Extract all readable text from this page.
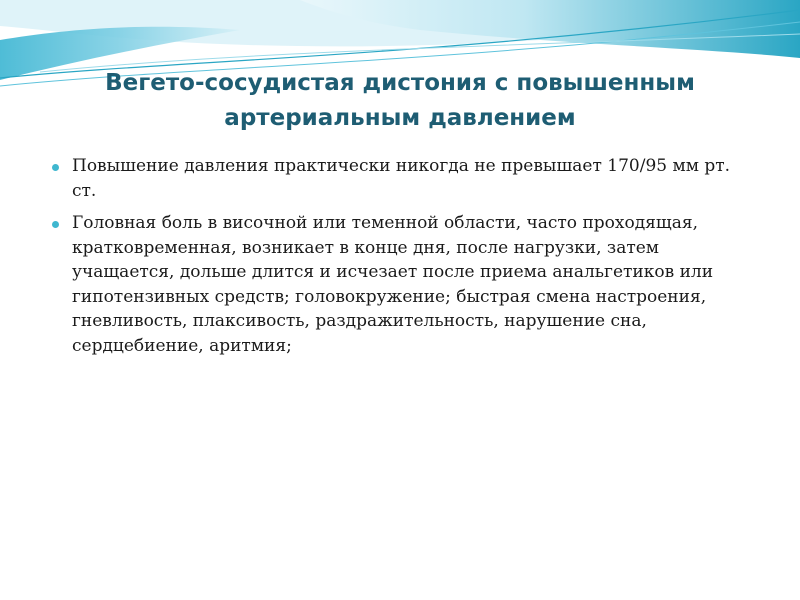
Вегето-сосудистая дистония с повышенным артериальным давлением
Повышение давления практически никогда не превышает 170/95 мм рт. ст.
Головная боль в височной или теменной области, часто проходящая, кратковременная, возникает в конце дня, после нагрузки, затем учащается, дольше длится и исчезает после приема анальгетиков или гипотензивных средств; головокружение; быстрая смена настроения, гневливость, плаксивость, раздражительность, нарушение сна, сердцебиение, аритмия;
